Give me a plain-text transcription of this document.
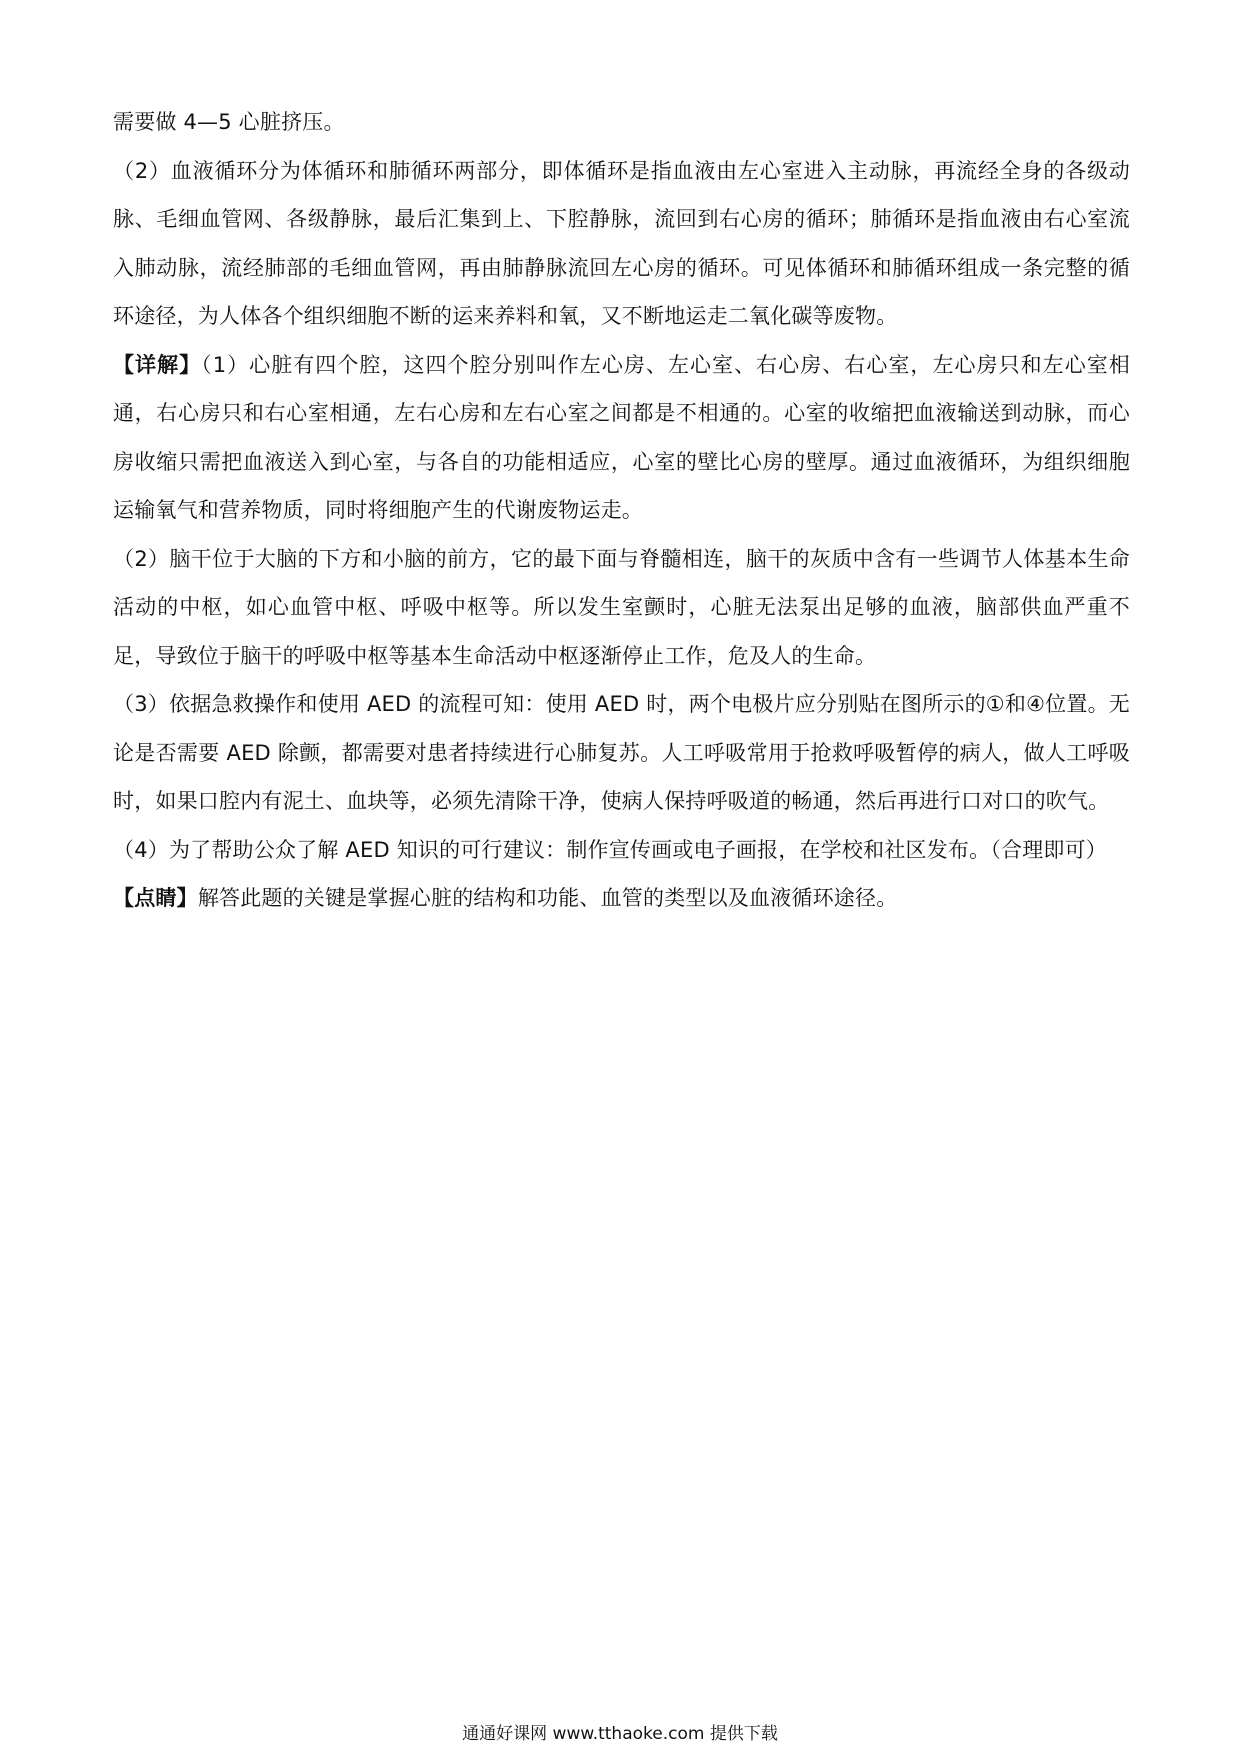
需要做 4—5 心脏挤压。

（2）血液循环分为体循环和肺循环两部分，即体循环是指血液由左心室进入主动脉，再流经全身的各级动脉、毛细血管网、各级静脉，最后汇集到上、下腔静脉，流回到右心房的循环；肺循环是指血液由右心室流入肺动脉，流经肺部的毛细血管网，再由肺静脉流回左心房的循环。可见体循环和肺循环组成一条完整的循环途径，为人体各个组织细胞不断的运来养料和氧，又不断地运走二氧化碳等废物。

【详解】（1）心脏有四个腔，这四个腔分别叫作左心房、左心室、右心房、右心室，左心房只和左心室相通，右心房只和右心室相通，左右心房和左右心室之间都是不相通的。心室的收缩把血液输送到动脉，而心房收缩只需把血液送入到心室，与各自的功能相适应，心室的壁比心房的壁厚。通过血液循环，为组织细胞运输氧气和营养物质，同时将细胞产生的代谢废物运走。

（2）脑干位于大脑的下方和小脑的前方，它的最下面与脊髓相连，脑干的灰质中含有一些调节人体基本生命活动的中枢，如心血管中枢、呼吸中枢等。所以发生室颤时，心脏无法泵出足够的血液，脑部供血严重不足，导致位于脑干的呼吸中枢等基本生命活动中枢逐渐停止工作，危及人的生命。

（3）依据急救操作和使用 AED 的流程可知：使用 AED 时，两个电极片应分别贴在图所示的①和④位置。无论是否需要 AED 除颤，都需要对患者持续进行心肺复苏。人工呼吸常用于抢救呼吸暂停的病人，做人工呼吸时，如果口腔内有泥土、血块等，必须先清除干净，使病人保持呼吸道的畅通，然后再进行口对口的吹气。

（4）为了帮助公众了解 AED 知识的可行建议：制作宣传画或电子画报，在学校和社区发布。（合理即可）

【点睛】解答此题的关键是掌握心脏的结构和功能、血管的类型以及血液循环途径。

通通好课网 www.tthaoke.com 提供下载
